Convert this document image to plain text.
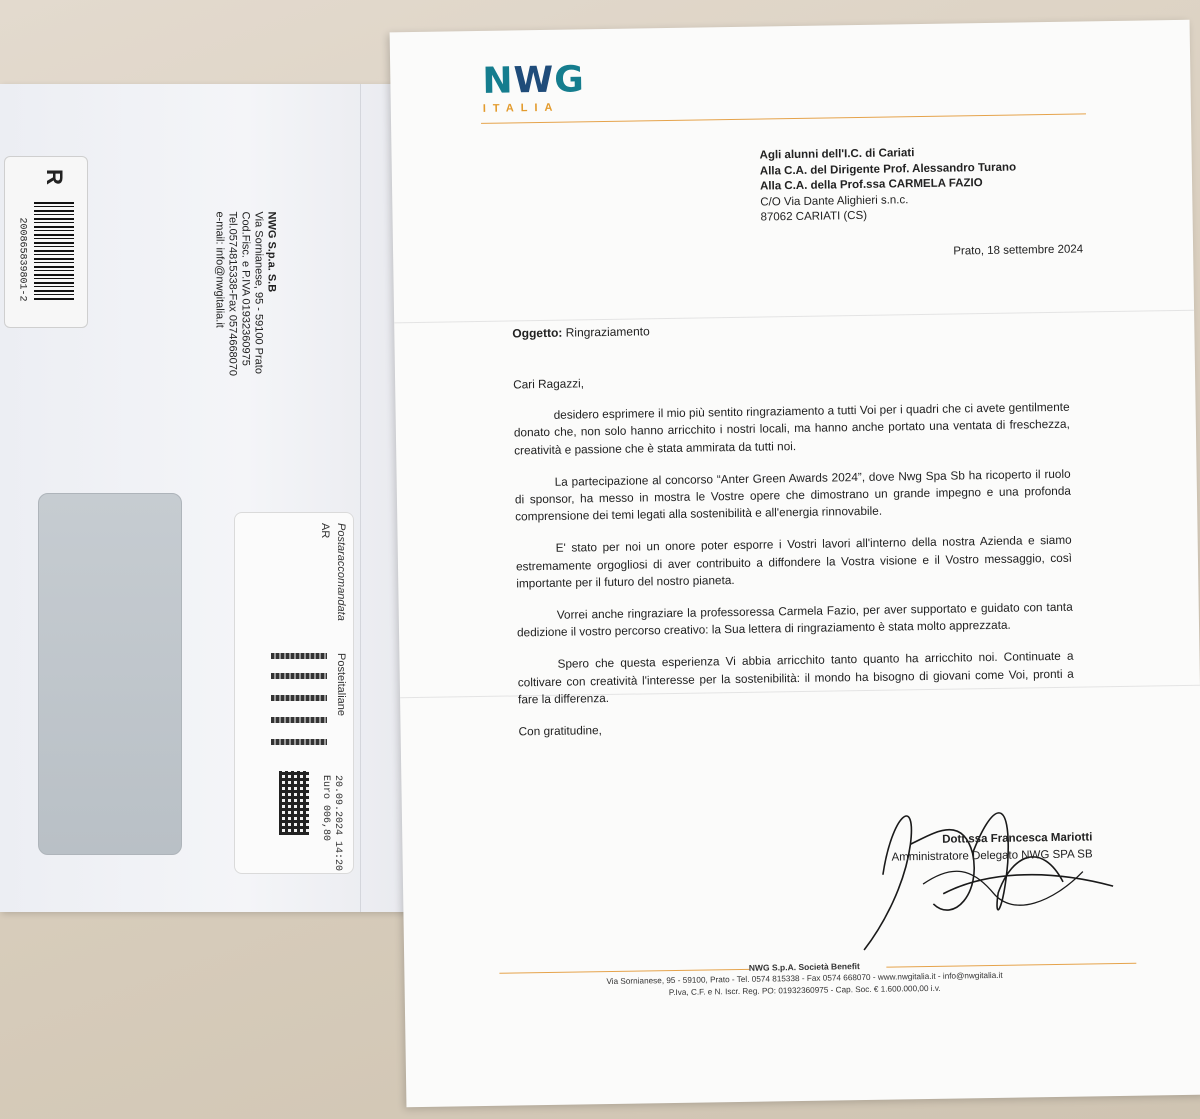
R
200865839801-2	NWG S.p.a. S.B
Via Sornianese, 95 - 59100 Prato
Cod.Fisc. e P.IVA 01932360975
Tel.0574815338-Fax 0574668070
e-mail: info@nwgitalia.it
Postaraccomandata
Posteitaliane
AR
20.09.2024 14:20
Euro 006,80
NWG
ITALIA
Agli alunni dell'I.C. di Cariati
Alla C.A. del Dirigente Prof. Alessandro Turano
Alla C.A. della Prof.ssa CARMELA FAZIO
C/O Via Dante Alighieri s.n.c.
87062 CARIATI (CS)
Prato, 18 settembre 2024
Oggetto: Ringraziamento

Cari Ragazzi,

desidero esprimere il mio più sentito ringraziamento a tutti Voi per i quadri che ci avete gentilmente donato che, non solo hanno arricchito i nostri locali, ma hanno anche portato una ventata di freschezza, creatività e passione che è stata ammirata da tutti noi.

La partecipazione al concorso “Anter Green Awards 2024”, dove Nwg Spa Sb ha ricoperto il ruolo di sponsor, ha messo in mostra le Vostre opere che dimostrano un grande impegno e una profonda comprensione dei temi legati alla sostenibilità e all'energia rinnovabile.

E' stato per noi un onore poter esporre i Vostri lavori all'interno della nostra Azienda e siamo estremamente orgogliosi di aver contribuito a diffondere la Vostra visione e il Vostro messaggio, così importante per il futuro del nostro pianeta.

Vorrei anche ringraziare la professoressa Carmela Fazio, per aver supportato e guidato con tanta dedizione il vostro percorso creativo: la Sua lettera di ringraziamento è stata molto apprezzata.

Spero che questa esperienza Vi abbia arricchito tanto quanto ha arricchito noi. Continuate a coltivare con creatività l'interesse per la sostenibilità: il mondo ha bisogno di giovani come Voi, pronti a fare la differenza.

Con gratitudine,

Dott.ssa Francesca Mariotti
Amministratore Delegato NWG SPA SB
NWG S.p.A. Società Benefit
Via Sornianese, 95 - 59100, Prato - Tel. 0574 815338 - Fax 0574 668070 - www.nwgitalia.it - info@nwgitalia.it
P.Iva, C.F. e N. Iscr. Reg. PO: 01932360975 - Cap. Soc. € 1.600.000,00 i.v.
